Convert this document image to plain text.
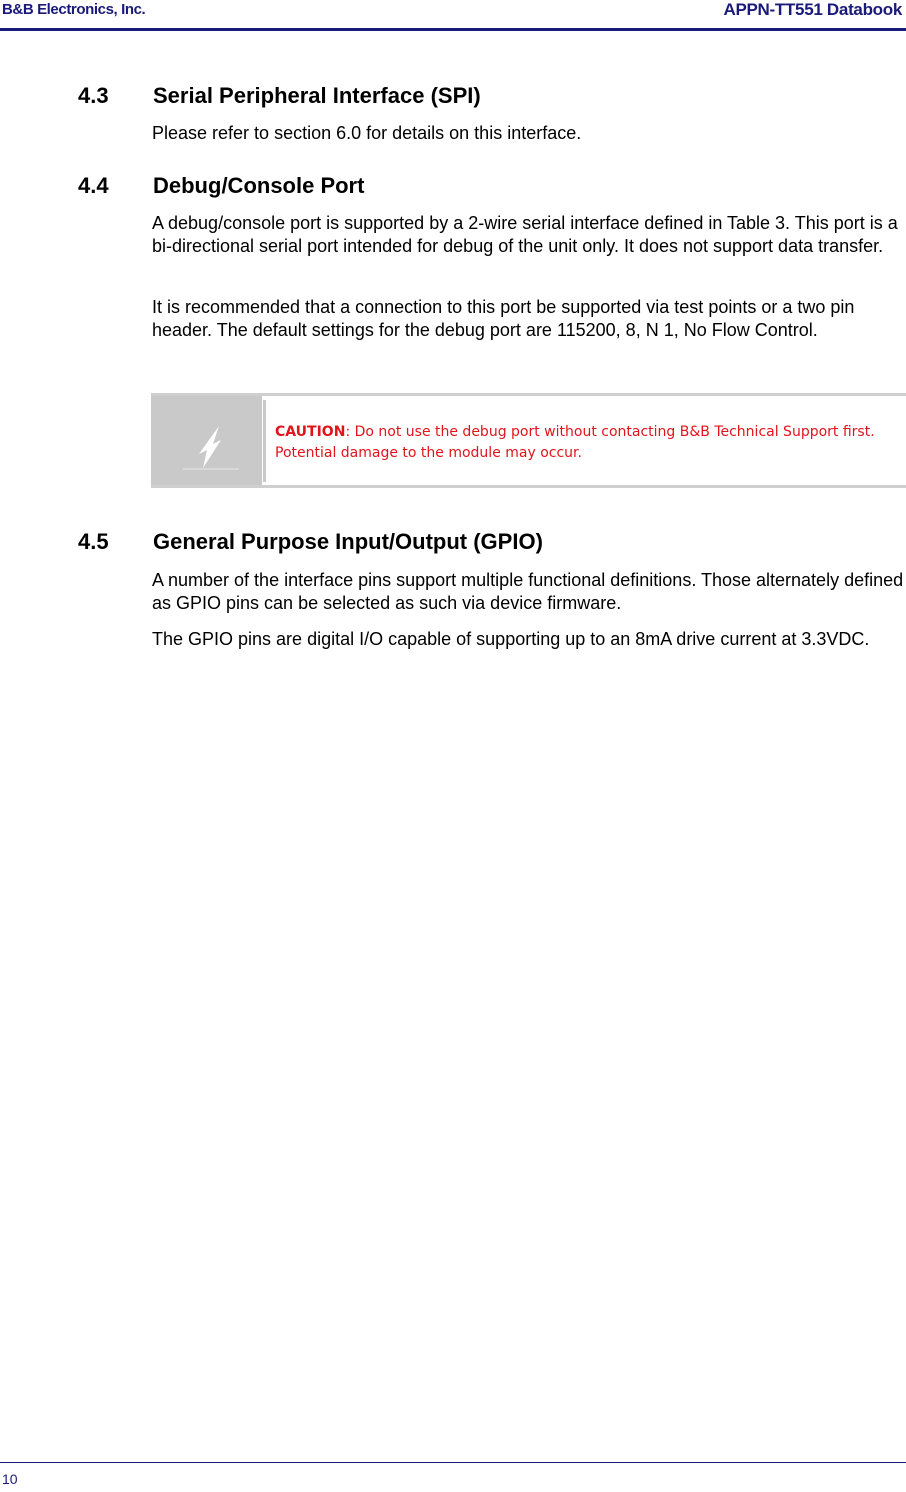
B&B Electronics, Inc.	APPN-TT551 Databook
4.3 Serial Peripheral Interface (SPI)

Please refer to section 6.0 for details on this interface.

4.4 Debug/Console Port

A debug/console port is supported by a 2-wire serial interface defined in Table 3. This port is a bi-directional serial port intended for debug of the unit only. It does not support data transfer.

It is recommended that a connection to this port be supported via test points or a two pin header. The default settings for the debug port are 115200, 8, N 1, No Flow Control.

CAUTION: Do not use the debug port without contacting B&B Technical Support first. Potential damage to the module may occur.
4.5 General Purpose Input/Output (GPIO)

A number of the interface pins support multiple functional definitions. Those alternately defined as GPIO pins can be selected as such via device firmware.

The GPIO pins are digital I/O capable of supporting up to an 8mA drive current at 3.3VDC.

10
